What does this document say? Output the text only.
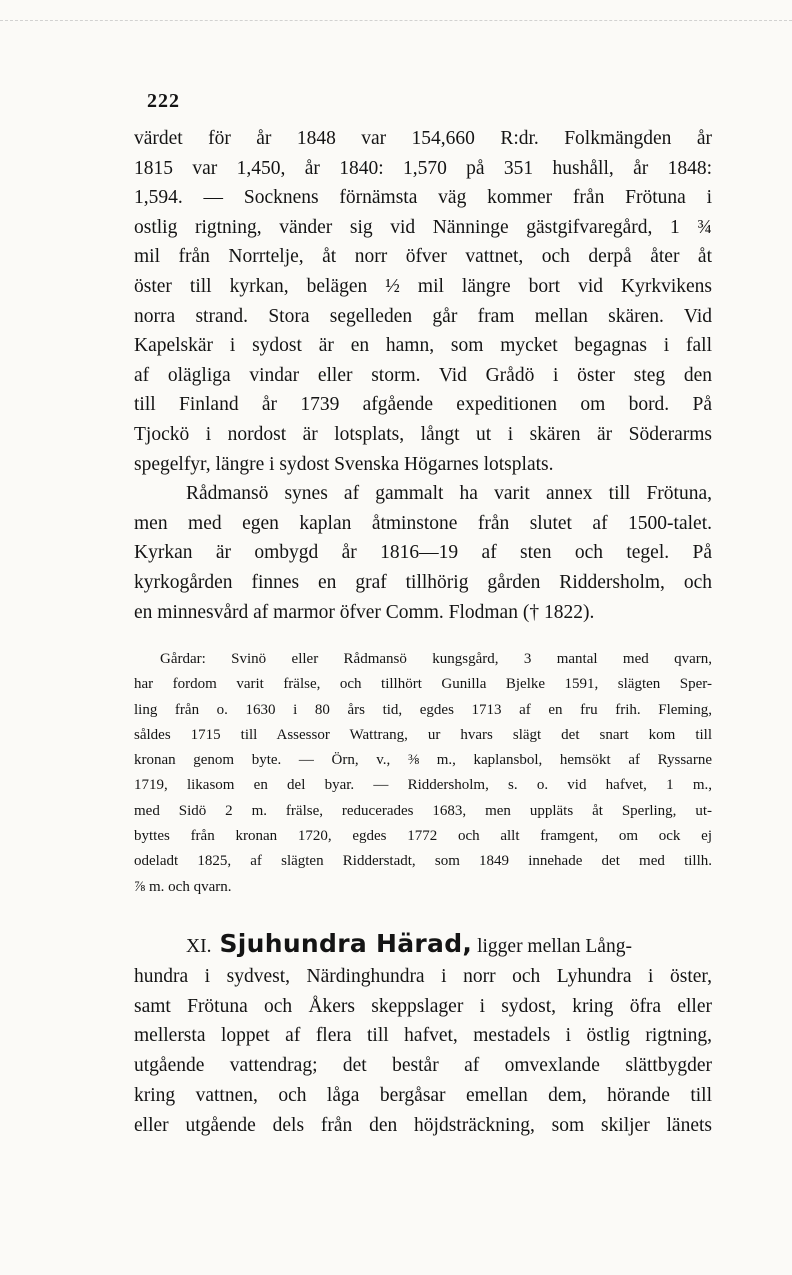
222
värdet för år 1848 var 154,660 R:dr. Folkmängden år
1815 var 1,450, år 1840: 1,570 på 351 hushåll, år 1848:
1,594. — Socknens förnämsta väg kommer från Frötuna i
ostlig rigtning, vänder sig vid Nänninge gästgifvaregård, 1 ¾
mil från Norrtelje, åt norr öfver vattnet, och derpå åter åt
öster till kyrkan, belägen ½ mil längre bort vid Kyrkvikens
norra strand. Stora segelleden går fram mellan skären. Vid
Kapelskär i sydost är en hamn, som mycket begagnas i fall
af olägliga vindar eller storm. Vid Grådö i öster steg den
till Finland år 1739 afgående expeditionen om bord. På
Tjockö i nordost är lotsplats, långt ut i skären är Söderarms
spegelfyr, längre i sydost Svenska Högarnes lotsplats.
Rådmansö synes af gammalt ha varit annex till Frötuna,
men med egen kaplan åtminstone från slutet af 1500-talet.
Kyrkan är ombygd år 1816—19 af sten och tegel. På
kyrkogården finnes en graf tillhörig gården Riddersholm, och
en minnesvård af marmor öfver Comm. Flodman († 1822).
Gårdar: Svinö eller Rådmansö kungsgård, 3 mantal med qvarn,
har fordom varit frälse, och tillhört Gunilla Bjelke 1591, slägten Sper-
ling från o. 1630 i 80 års tid, egdes 1713 af en fru frih. Fleming,
såldes 1715 till Assessor Wattrang, ur hvars slägt det snart kom till
kronan genom byte. — Örn, v., ⅜ m., kaplansbol, hemsökt af Ryssarne
1719, likasom en del byar. — Riddersholm, s. o. vid hafvet, 1 m.,
med Sidö 2 m. frälse, reducerades 1683, men uppläts åt Sperling, ut-
byttes från kronan 1720, egdes 1772 och allt framgent, om ock ej
odeladt 1825, af slägten Ridderstadt, som 1849 innehade det med tillh.
⅞ m. och qvarn.
XI. Sjuhundra Härad, ligger mellan Lång-
hundra i sydvest, Närdinghundra i norr och Lyhundra i öster,
samt Frötuna och Åkers skeppslager i sydost, kring öfra eller
mellersta loppet af flera till hafvet, mestadels i östlig rigtning,
utgående vattendrag; det består af omvexlande slättbygder
kring vattnen, och låga bergåsar emellan dem, hörande till
eller utgående dels från den höjdsträckning, som skiljer länets
